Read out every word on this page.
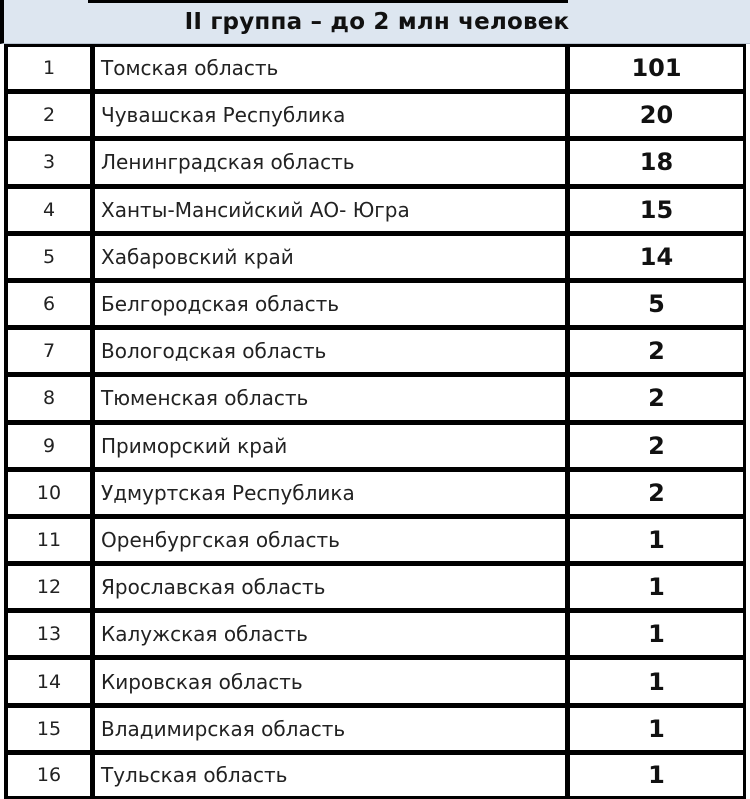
II группа – до 2 млн человек
1	Томская область	101
2	Чувашская Республика	20
3	Ленинградская область	18
4	Ханты-Мансийский АО- Югра	15
5	Хабаровский край	14
6	Белгородская область	5
7	Вологодская область	2
8	Тюменская область	2
9	Приморский край	2
10	Удмуртская Республика	2
11	Оренбургская область	1
12	Ярославская область	1
13	Калужская область	1
14	Кировская область	1
15	Владимирская область	1
16	Тульская область	1
